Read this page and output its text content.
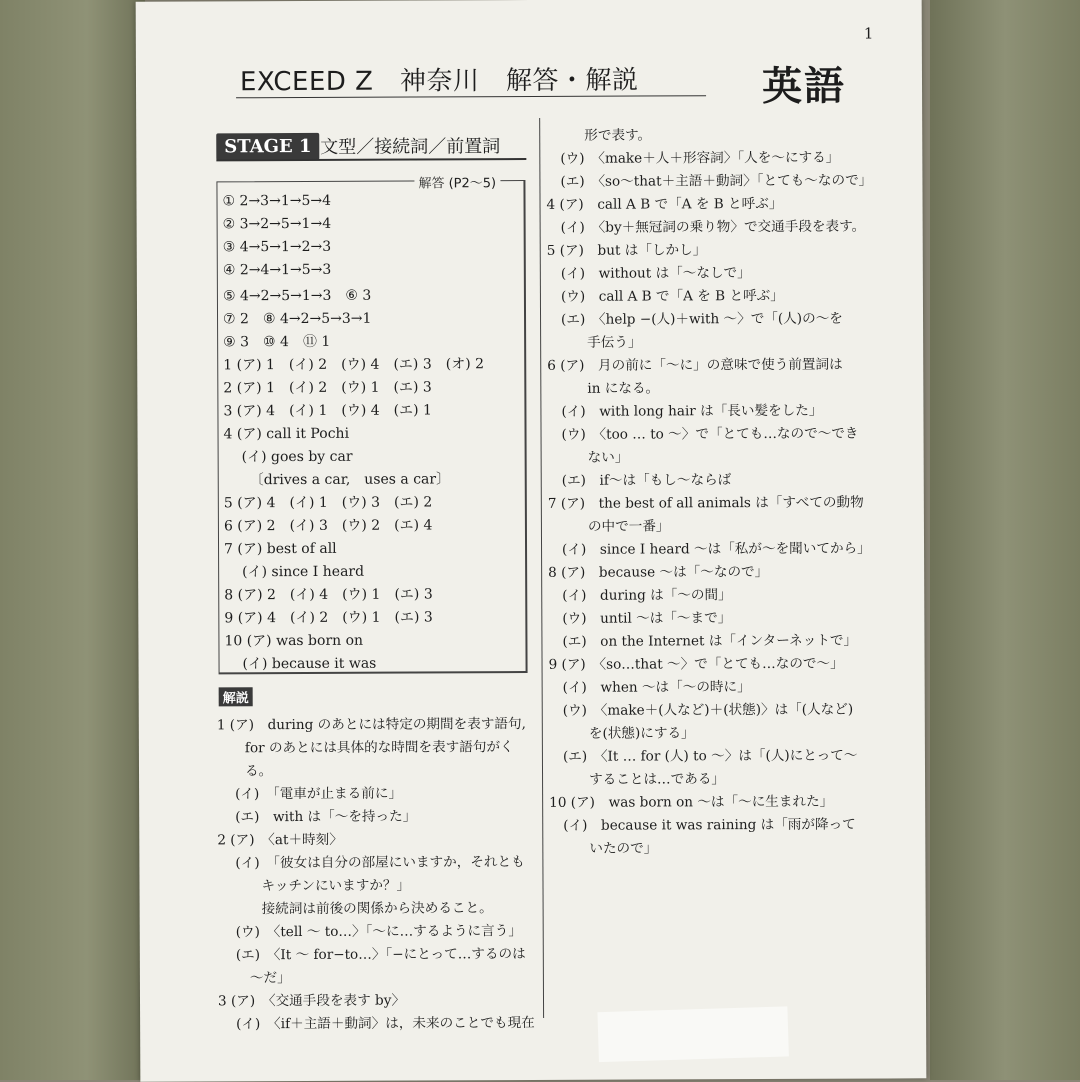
1
EXCEED Z　神奈川　解答・解説	英語
STAGE 1 文型／接続詞／前置詞
解答 (P2〜5)
① 2→3→1→5→4
② 3→2→5→1→4
③ 4→5→1→2→3
④ 2→4→1→5→3
⑤ 4→2→5→1→3　⑥ 3
⑦ 2　⑧ 4→2→5→3→1
⑨ 3　⑩ 4　⑪ 1
1 (ア) 1　(イ) 2　(ウ) 4　(エ) 3　(オ) 2
2 (ア) 1　(イ) 2　(ウ) 1　(エ) 3
3 (ア) 4　(イ) 1　(ウ) 4　(エ) 1
4 (ア) call it Pochi
(イ) goes by car
〔drives a car,　uses a car〕
5 (ア) 4　(イ) 1　(ウ) 3　(エ) 2
6 (ア) 2　(イ) 3　(ウ) 2　(エ) 4
7 (ア) best of all
(イ) since I heard
8 (ア) 2　(イ) 4　(ウ) 1　(エ) 3
9 (ア) 4　(イ) 2　(ウ) 1　(エ) 3
10 (ア) was born on
(イ) because it was
解説
1 (ア)　during のあとには特定の期間を表す語句,
for のあとには具体的な時間を表す語句がく
る。
(イ)　「電車が止まる前に」
(エ)　with は「〜を持った」
2 (ア)　〈at＋時刻〉
(イ)　「彼女は自分の部屋にいますか，それとも
キッチンにいますか？」
接続詞は前後の関係から決めること。
(ウ)　〈tell 〜 to…〉「〜に…するように言う」
(エ)　〈It 〜 for−to…〉「−にとって…するのは
〜だ」
3 (ア)　〈交通手段を表す by〉
(イ)　〈if＋主語＋動詞〉は，未来のことでも現在
形で表す。
(ウ)　〈make＋人＋形容詞〉「人を〜にする」
(エ)　〈so〜that＋主語＋動詞〉「とても〜なので」
4 (ア)　call A B で「A を B と呼ぶ」
(イ)　〈by＋無冠詞の乗り物〉で交通手段を表す。
5 (ア)　but は「しかし」
(イ)　without は「〜なしで」
(ウ)　call A B で「A を B と呼ぶ」
(エ)　〈help −(人)＋with 〜〉で「(人)の〜を
手伝う」
6 (ア)　月の前に「〜に」の意味で使う前置詞は
in になる。
(イ)　with long hair は「長い髪をした」
(ウ)　〈too … to 〜〉で「とても…なので〜でき
ない」
(エ)　if〜は「もし〜ならば
7 (ア)　the best of all animals は「すべての動物
の中で一番」
(イ)　since I heard 〜は「私が〜を聞いてから」
8 (ア)　because 〜は「〜なので」
(イ)　during は「〜の間」
(ウ)　until 〜は「〜まで」
(エ)　on the Internet は「インターネットで」
9 (ア)　〈so…that 〜〉で「とても…なので〜」
(イ)　when 〜は「〜の時に」
(ウ)　〈make＋(人など)＋(状態)〉は「(人など)
を(状態)にする」
(エ)　〈It … for (人) to 〜〉は「(人)にとって〜
することは…である」
10 (ア)　was born on 〜は「〜に生まれた」
(イ)　because it was raining は「雨が降って
いたので」
